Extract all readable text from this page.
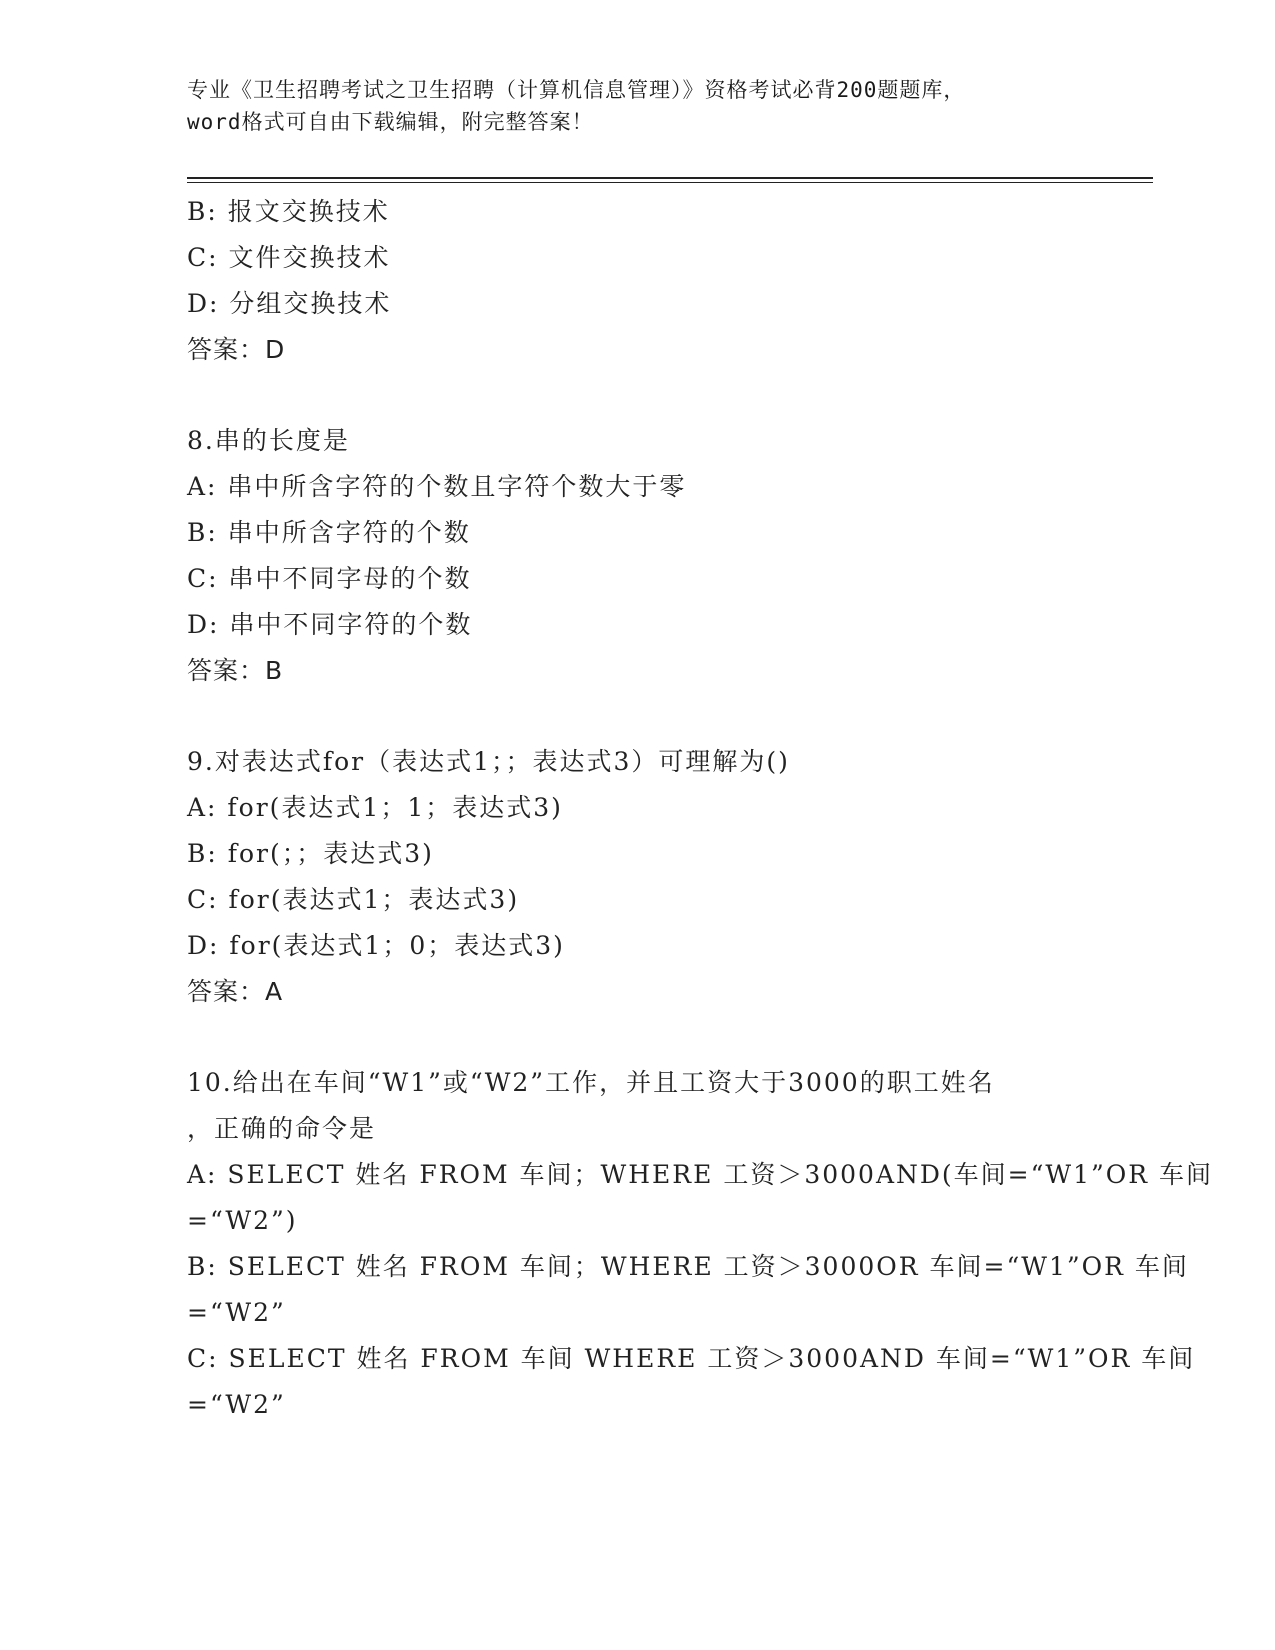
专业《卫生招聘考试之卫生招聘（计算机信息管理）》资格考试必背200题题库，
word格式可自由下载编辑，附完整答案！
B: 报文交换技术
C: 文件交换技术
D: 分组交换技术
答案：D
8.串的长度是
A: 串中所含字符的个数且字符个数大于零
B: 串中所含字符的个数
C: 串中不同字母的个数
D: 串中不同字符的个数
答案：B
9.对表达式for（表达式1；；表达式3）可理解为()
A: for(表达式1；1；表达式3)
B: for(；；表达式3)
C: for(表达式1；表达式3)
D: for(表达式1；0；表达式3)
答案：A
10.给出在车间“W1”或“W2”工作，并且工资大于3000的职工姓名
，正确的命令是
A: SELECT 姓名 FROM 车间；WHERE 工资＞3000AND(车间=“W1”OR 车间
=“W2”)
B: SELECT 姓名 FROM 车间；WHERE 工资＞3000OR 车间=“W1”OR 车间
=“W2”
C: SELECT 姓名 FROM 车间 WHERE 工资＞3000AND 车间=“W1”OR 车间
=“W2”
